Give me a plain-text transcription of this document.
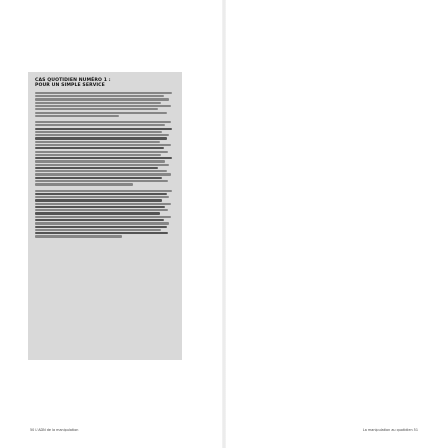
CAS QUOTIDIEN NUMÉRO 1 :
POUR UN SIMPLE SERVICE
50 L'ADN de la manipulation	La manipulation au quotidien 51
